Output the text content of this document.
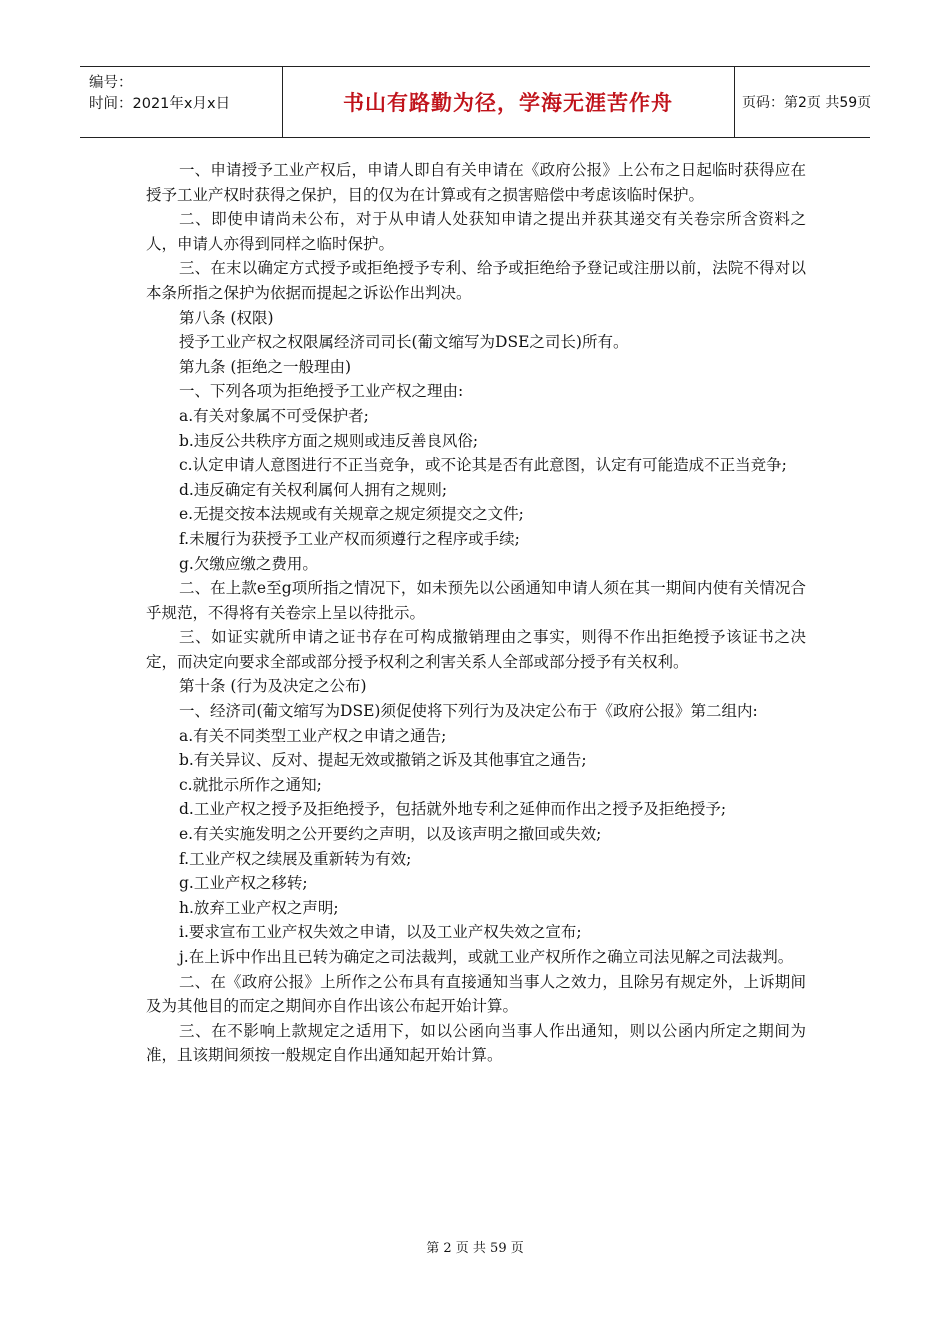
编号：
时间：2021年x月x日	书山有路勤为径，学海无涯苦作舟	页码：第2页 共59页

一、申请授予工业产权后，申请人即自有关申请在《政府公报》上公布之日起临时获得应在授予工业产权时获得之保护，目的仅为在计算或有之损害赔偿中考虑该临时保护。

二、即使申请尚未公布，对于从申请人处获知申请之提出并获其递交有关卷宗所含资料之人，申请人亦得到同样之临时保护。

三、在末以确定方式授予或拒绝授予专利、给予或拒绝给予登记或注册以前，法院不得对以本条所指之保护为依据而提起之诉讼作出判决。

第八条 (权限)

授予工业产权之权限属经济司司长(葡文缩写为DSE之司长)所有。

第九条 (拒绝之一般理由)

一、下列各项为拒绝授予工业产权之理由:

a.有关对象属不可受保护者;

b.违反公共秩序方面之规则或违反善良风俗;

c.认定申请人意图进行不正当竞争，或不论其是否有此意图，认定有可能造成不正当竞争;

d.违反确定有关权利属何人拥有之规则;

e.无提交按本法规或有关规章之规定须提交之文件;

f.未履行为获授予工业产权而须遵行之程序或手续;

g.欠缴应缴之费用。

二、在上款e至g项所指之情况下，如未预先以公函通知申请人须在其一期间内使有关情况合乎规范，不得将有关卷宗上呈以待批示。

三、如证实就所申请之证书存在可构成撤销理由之事实，则得不作出拒绝授予该证书之决定，而决定向要求全部或部分授予权利之利害关系人全部或部分授予有关权利。

第十条 (行为及决定之公布)

一、经济司(葡文缩写为DSE)须促使将下列行为及决定公布于《政府公报》第二组内:

a.有关不同类型工业产权之申请之通告;

b.有关异议、反对、提起无效或撤销之诉及其他事宜之通告;

c.就批示所作之通知;

d.工业产权之授予及拒绝授予，包括就外地专利之延伸而作出之授予及拒绝授予;

e.有关实施发明之公开要约之声明，以及该声明之撤回或失效;

f.工业产权之续展及重新转为有效;

g.工业产权之移转;

h.放弃工业产权之声明;

i.要求宣布工业产权失效之申请，以及工业产权失效之宣布;

j.在上诉中作出且已转为确定之司法裁判，或就工业产权所作之确立司法见解之司法裁判。

二、在《政府公报》上所作之公布具有直接通知当事人之效力，且除另有规定外，上诉期间及为其他目的而定之期间亦自作出该公布起开始计算。

三、在不影响上款规定之适用下，如以公函向当事人作出通知，则以公函内所定之期间为准，且该期间须按一般规定自作出通知起开始计算。

第 2 页 共 59 页
